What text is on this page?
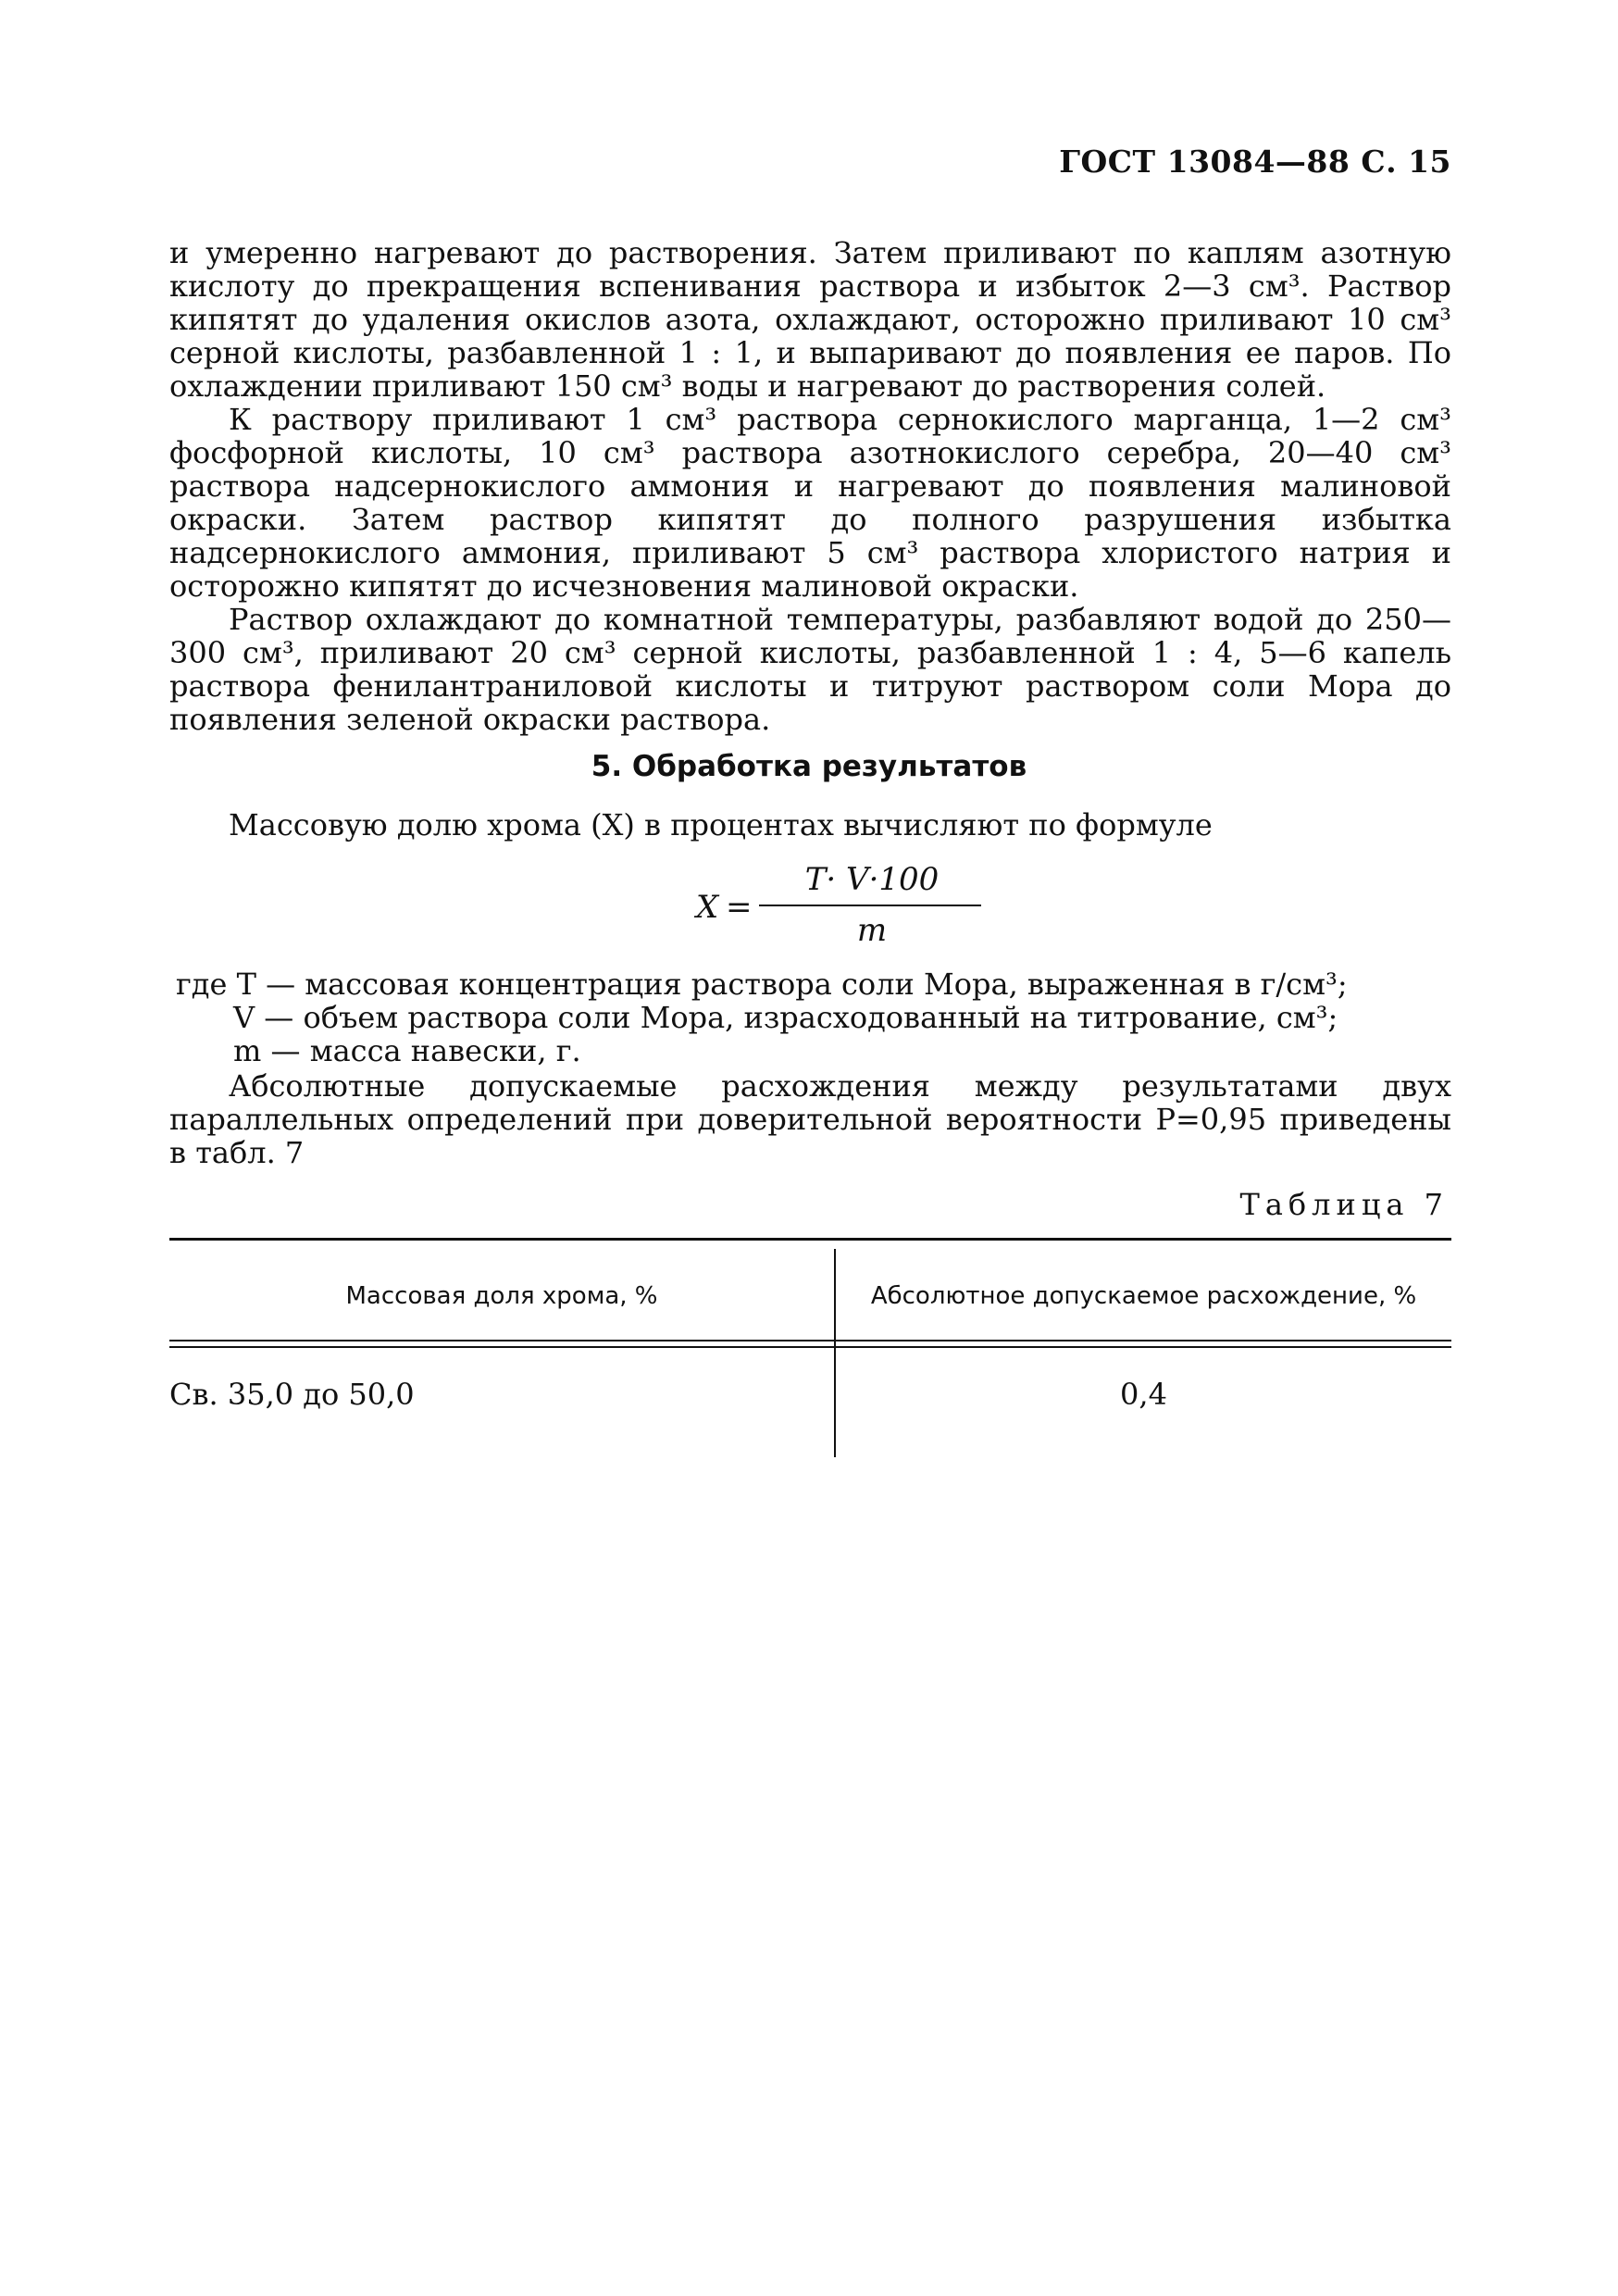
ГОСТ 13084—88 С. 15

и умеренно нагревают до растворения. Затем приливают по каплям азотную кислоту до прекращения вспенивания раствора и избыток 2—3 см³. Раствор кипятят до удаления окислов азота, охлаждают, осторожно приливают 10 см³ серной кислоты, разбавленной 1 : 1, и выпаривают до появления ее паров. По охлаждении приливают 150 см³ воды и нагревают до растворения солей.

К раствору приливают 1 см³ раствора сернокислого марганца, 1—2 см³ фосфорной кислоты, 10 см³ раствора азотнокислого серебра, 20—40 см³ раствора надсернокислого аммония и нагревают до появления малиновой окраски. Затем раствор кипятят до полного разрушения избытка надсернокислого аммония, приливают 5 см³ раствора хлористого натрия и осторожно кипятят до исчезновения малиновой окраски.

Раствор охлаждают до комнатной температуры, разбавляют водой до 250—300 см³, приливают 20 см³ серной кислоты, разбавленной 1 : 4, 5—6 капель раствора фенилантраниловой кислоты и титруют раствором соли Мора до появления зеленой окраски раствора.

5. Обработка результатов
Массовую долю хрома (X) в процентах вычисляют по формуле
X =
T· V·100
m
где T — массовая концентрация раствора соли Мора, выраженная в г/см³;
V — объем раствора соли Мора, израсходованный на титрование, см³;
m — масса навески, г.
Абсолютные допускаемые расхождения между результатами двух параллельных определений при доверительной вероятности P=0,95 приведены в табл. 7
Таблица 7
Массовая доля хрома, %	Абсолютное допускаемое расхождение, %
Св. 35,0 до 50,0	0,4
